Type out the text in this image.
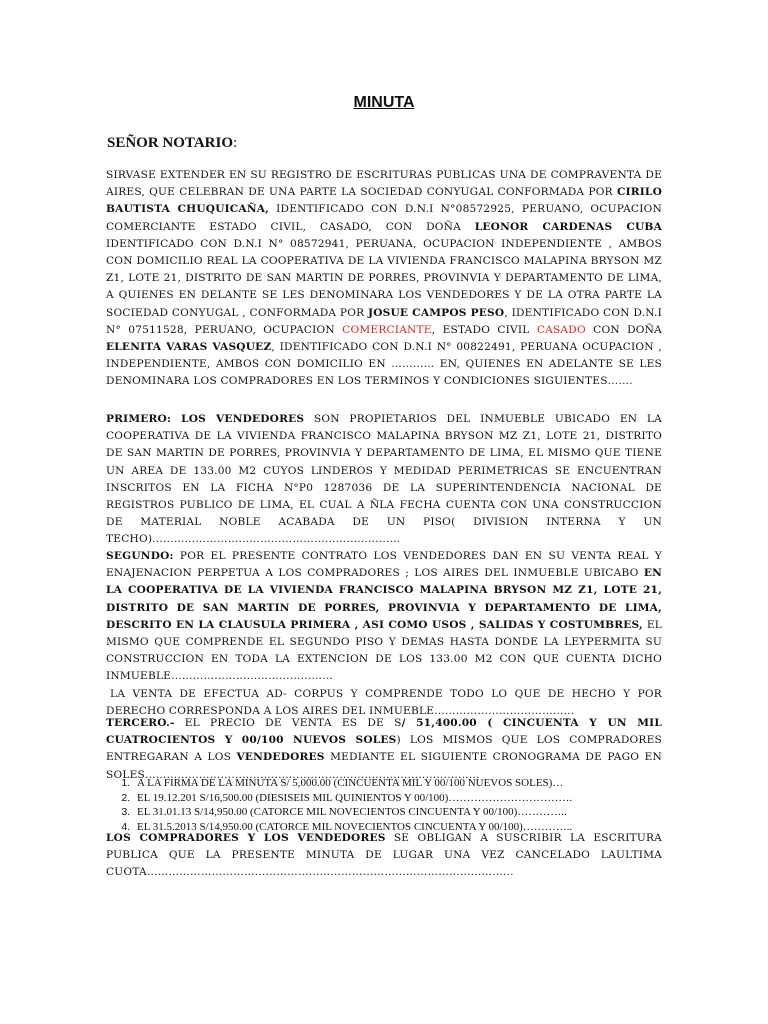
MINUTA
SEÑOR NOTARIO:
SIRVASE EXTENDER EN SU REGISTRO DE ESCRITURAS PUBLICAS UNA DE COMPRAVENTA DE AIRES, QUE CELEBRAN DE UNA PARTE LA SOCIEDAD CONYUGAL CONFORMADA POR CIRILO BAUTISTA CHUQUICAÑA, IDENTIFICADO CON D.N.I N°08572925, PERUANO, OCUPACION COMERCIANTE ESTADO CIVIL, CASADO, CON DOÑA LEONOR CARDENAS CUBA IDENTIFICADO CON D.N.I N° 08572941, PERUANA, OCUPACION INDEPENDIENTE , AMBOS CON DOMICILIO REAL LA COOPERATIVA DE LA VIVIENDA FRANCISCO MALAPINA BRYSON MZ Z1, LOTE 21, DISTRITO DE SAN MARTIN DE PORRES, PROVINVIA Y DEPARTAMENTO DE LIMA, A QUIENES EN DELANTE SE LES DENOMINARA LOS VENDEDORES Y DE LA OTRA PARTE LA SOCIEDAD CONYUGAL , CONFORMADA POR JOSUE CAMPOS PESO, IDENTIFICADO CON D.N.I N° 07511528, PERUANO, OCUPACION COMERCIANTE, ESTADO CIVIL CASADO CON DOÑA ELENITA VARAS VASQUEZ, IDENTIFICADO CON D.N.I N° 00822491, PERUANA OCUPACION , INDEPENDIENTE, AMBOS CON DOMICILIO EN ………… EN, QUIENES EN ADELANTE SE LES DENOMINARA LOS COMPRADORES EN LOS TERMINOS Y CONDICIONES SIGUIENTES…….
PRIMERO: LOS VENDEDORES SON PROPIETARIOS DEL INMUEBLE UBICADO EN LA COOPERATIVA DE LA VIVIENDA FRANCISCO MALAPINA BRYSON MZ Z1, LOTE 21, DISTRITO DE SAN MARTIN DE PORRES, PROVINVIA Y DEPARTAMENTO DE LIMA, EL MISMO QUE TIENE UN AREA DE 133.00 M2 CUYOS LINDEROS Y MEDIDAD PERIMETRICAS SE ENCUENTRAN INSCRITOS EN LA FICHA N°P0 1287036 DE LA SUPERINTENDENCIA NACIONAL DE REGISTROS PUBLICO DE LIMA, EL CUAL A ÑLA FECHA CUENTA CON UNA CONSTRUCCION DE MATERIAL NOBLE ACABADA DE UN PISO( DIVISION INTERNA Y UN TECHO)……………………………………………………………
SEGUNDO: POR EL PRESENTE CONTRATO LOS VENDEDORES DAN EN SU VENTA REAL Y ENAJENACION PERPETUA A LOS COMPRADORES ; LOS AIRES DEL INMUEBLE UBICABO EN LA COOPERATIVA DE LA VIVIENDA FRANCISCO MALAPINA BRYSON MZ Z1, LOTE 21, DISTRITO DE SAN MARTIN DE PORRES, PROVINVIA Y DEPARTAMENTO DE LIMA, DESCRITO EN LA CLAUSULA PRIMERA , ASI COMO USOS , SALIDAS Y COSTUMBRES, EL MISMO QUE COMPRENDE EL SEGUNDO PISO Y DEMAS HASTA DONDE LA LEYPERMITA SU CONSTRUCCION EN TODA LA EXTENCION DE LOS 133.00 M2 CON QUE CUENTA DICHO INMUEBLE………………………………………
LA VENTA DE EFECTUA AD- CORPUS Y COMPRENDE TODO LO QUE DE HECHO Y POR DERECHO CORRESPONDA A LOS AIRES DEL INMUEBLE…………………………………
TERCERO.- EL PRECIO DE VENTA ES DE S/ 51,400.00 ( CINCUENTA Y UN MIL CUATROCIENTOS Y 00/100 NUEVOS SOLES) LOS MISMOS QUE LOS COMPRADORES ENTREGARAN A LOS VENDEDORES MEDIANTE EL SIGUIENTE CRONOGRAMA DE PAGO EN SOLES…………………………………………………………………………………
1. A LA FIRMA DE LA MINUTA S/ 5,000.00 (CINCUENTA MIL Y 00/100 NUEVOS SOLES)…
2. EL 19.12.201 S/16,500.00 (DIESISEIS MIL QUINIENTOS Y 00/100)…………………………….
3. EL 31.01.13 S/14,950.00 (CATORCE MIL NOVECIENTOS CINCUENTA Y 00/100)…………..
4. EL 31.5.2013 S/14,950.00 (CATORCE MIL NOVECIENTOS CINCUENTA Y 00/100)…………..
LOS COMPRADORES Y LOS VENDEDORES SE OBLIGAN A SUSCRIBIR LA ESCRITURA PUBLICA QUE LA PRESENTE MINUTA DE LUGAR UNA VEZ CANCELADO LAULTIMA CUOTA…………………………………………………………………………………………
